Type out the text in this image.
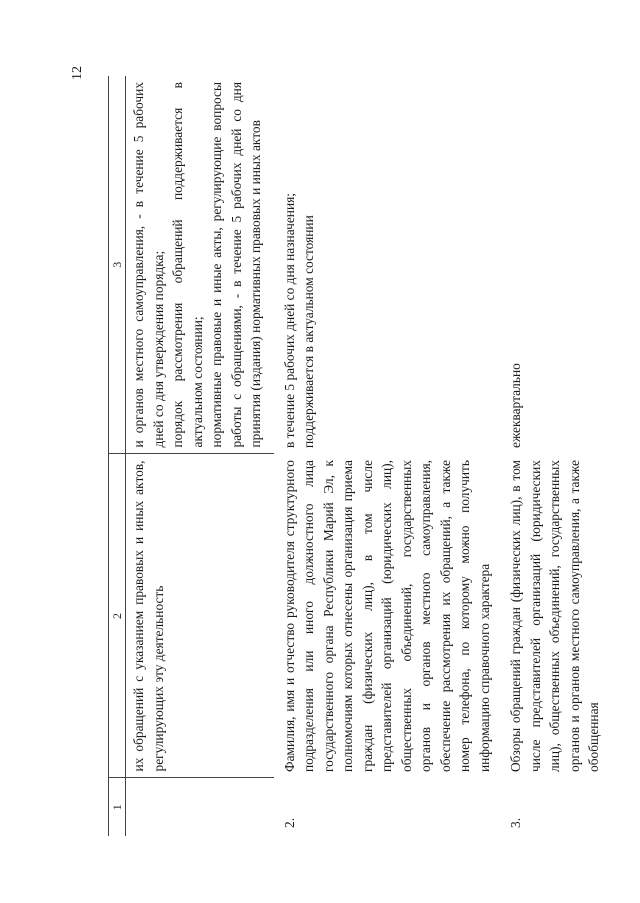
12
1	2	3
	их обращений с указанием правовых и иных актов, регулирующих эту деятельность	и органов местного самоуправления, - в течение 5 рабочих дней со дня утверждения порядка; порядок рассмотрения обращений поддерживается в актуальном состоянии; нормативные правовые и иные акты, регулирующие вопросы работы с обращениями, - в течение 5 рабочих дней со дня принятия (издания) нормативных правовых и иных актов

2.	Фамилия, имя и отчество руководителя структурного подразделения или иного должностного лица государственного органа Республики Марий Эл, к полномочиям которых отнесены организация приема граждан (физических лиц), в том числе представителей организаций (юридических лиц), общественных объединений, государственных органов и органов местного самоуправления, обеспечение рассмотрения их обращений, а также номер телефона, по которому можно получить информацию справочного характера	в течение 5 рабочих дней со дня назначения; поддерживается в актуальном состоянии

3.	Обзоры обращений граждан (физических лиц), в том числе представителей организаций (юридических лиц), общественных объединений, государственных органов и органов местного самоуправления, а также обобщенная	ежеквартально
